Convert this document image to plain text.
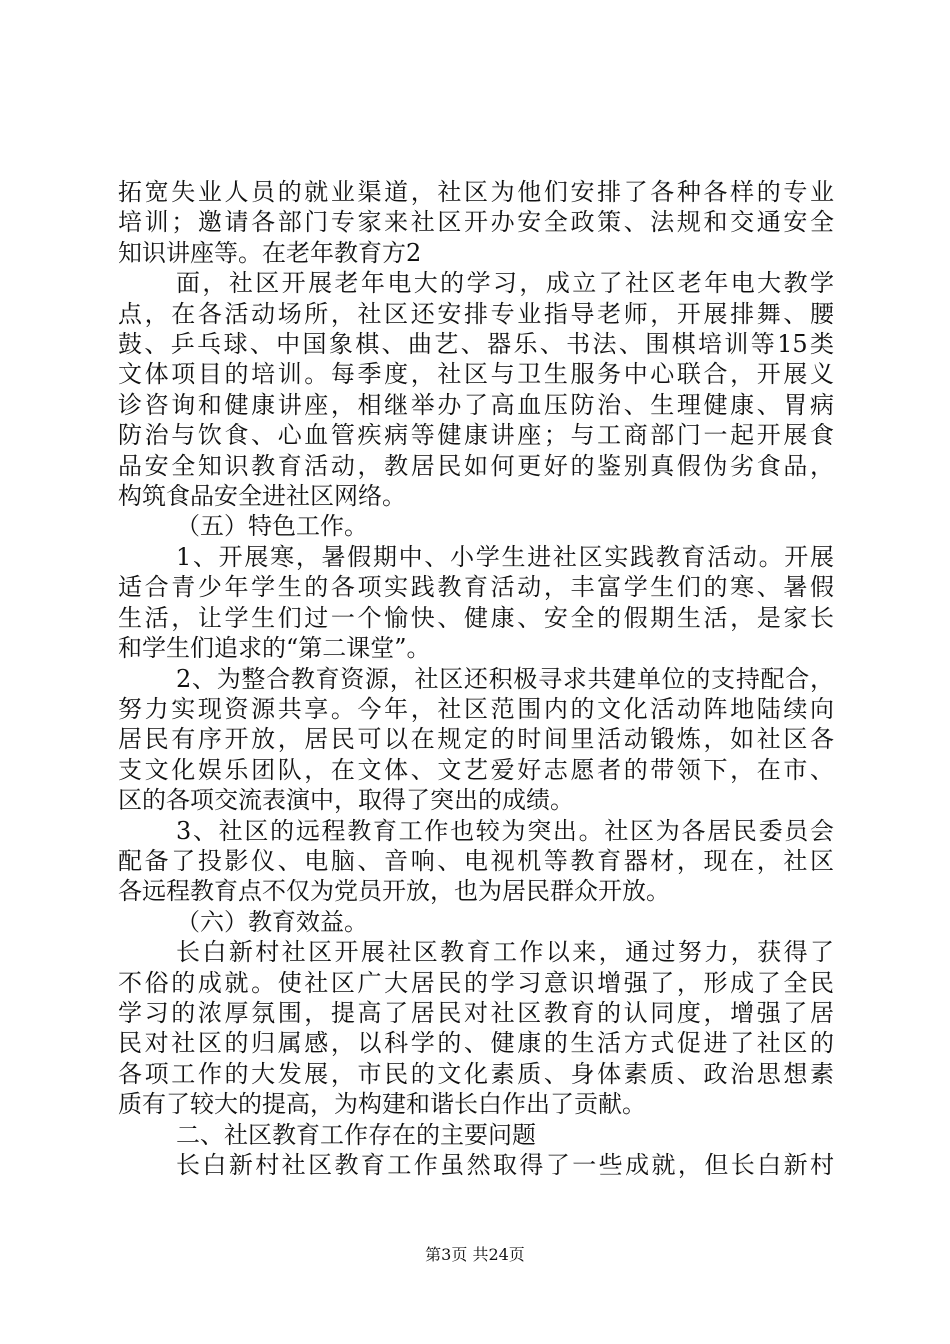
拓宽失业人员的就业渠道，社区为他们安排了各种各样的专业
培训；邀请各部门专家来社区开办安全政策、法规和交通安全
知识讲座等。在老年教育方2
面，社区开展老年电大的学习，成立了社区老年电大教学
点，在各活动场所，社区还安排专业指导老师，开展排舞、腰
鼓、乒乓球、中国象棋、曲艺、器乐、书法、围棋培训等15类
文体项目的培训。每季度，社区与卫生服务中心联合，开展义
诊咨询和健康讲座，相继举办了高血压防治、生理健康、胃病
防治与饮食、心血管疾病等健康讲座；与工商部门一起开展食
品安全知识教育活动，教居民如何更好的鉴别真假伪劣食品，
构筑食品安全进社区网络。
（五）特色工作。
1、开展寒，暑假期中、小学生进社区实践教育活动。开展
适合青少年学生的各项实践教育活动，丰富学生们的寒、暑假
生活，让学生们过一个愉快、健康、安全的假期生活，是家长
和学生们追求的“第二课堂”。
2、为整合教育资源，社区还积极寻求共建单位的支持配合，
努力实现资源共享。今年，社区范围内的文化活动阵地陆续向
居民有序开放，居民可以在规定的时间里活动锻炼，如社区各
支文化娱乐团队，在文体、文艺爱好志愿者的带领下，在市、
区的各项交流表演中，取得了突出的成绩。
3、社区的远程教育工作也较为突出。社区为各居民委员会
配备了投影仪、电脑、音响、电视机等教育器材，现在，社区
各远程教育点不仅为党员开放，也为居民群众开放。
（六）教育效益。
长白新村社区开展社区教育工作以来，通过努力，获得了
不俗的成就。使社区广大居民的学习意识增强了，形成了全民
学习的浓厚氛围，提高了居民对社区教育的认同度，增强了居
民对社区的归属感，以科学的、健康的生活方式促进了社区的
各项工作的大发展，市民的文化素质、身体素质、政治思想素
质有了较大的提高，为构建和谐长白作出了贡献。
二、社区教育工作存在的主要问题
长白新村社区教育工作虽然取得了一些成就，但长白新村
第3页 共24页
